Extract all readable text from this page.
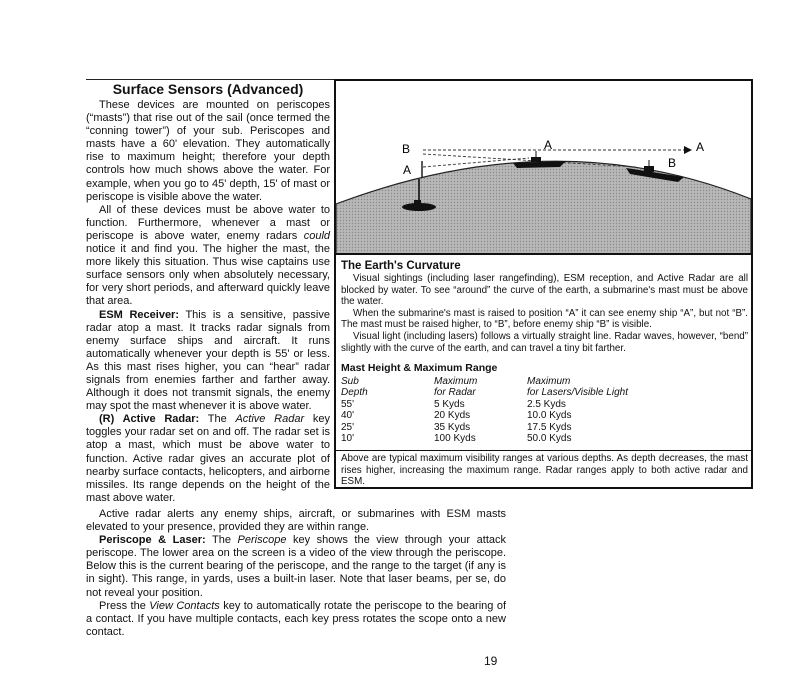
Surface Sensors (Advanced)

These devices are mounted on periscopes (“masts”) that rise out of the sail (once termed the “conning tower”) of your sub. Periscopes and masts have a 60' elevation. They automatically rise to maximum height; therefore your depth controls how much shows above the water. For example, when you go to 45' depth, 15' of mast or periscope is visible above the water.

All of these devices must be above water to function. Furthermore, whenever a mast or periscope is above water, enemy radars could notice it and find you. The higher the mast, the more likely this situation. Thus wise captains use surface sensors only when absolutely necessary, for very short periods, and afterward quickly leave that area.

ESM Receiver: This is a sensitive, passive radar atop a mast. It tracks radar signals from enemy surface ships and aircraft. It runs automatically whenever your depth is 55' or less. As this mast rises higher, you can “hear” radar signals from enemies farther and farther away. Although it does not transmit signals, the enemy may spot the mast whenever it is above water.

(R) Active Radar: The Active Radar key toggles your radar set on and off. The radar set is atop a mast, which must be above water to function. Active radar gives an accurate plot of nearby surface contacts, helicopters, and airborne missiles. Its range depends on the height of the mast above water.

Active radar alerts any enemy ships, aircraft, or submarines with ESM masts elevated to your presence, provided they are within range.

Periscope & Laser: The Periscope key shows the view through your attack periscope. The lower area on the screen is a video of the view through the periscope. Below this is the current bearing of the periscope, and the range to the target (if any is in sight). This range, in yards, uses a built-in laser. Note that laser beams, per se, do not reveal your position.

Press the View Contacts key to automatically rotate the periscope to the bearing of a contact. If you have multiple contacts, each key press rotates the scope onto a new contact.

B
A
A	A
B
The Earth's Curvature

Visual sightings (including laser rangefinding), ESM reception, and Active Radar are all blocked by water. To see “around” the curve of the earth, a submarine's mast must be above the water.

When the submarine's mast is raised to position “A” it can see enemy ship “A”, but not “B”. The mast must be raised higher, to “B”, before enemy ship “B” is visible.

Visual light (including lasers) follows a virtually straight line. Radar waves, however, “bend” slightly with the curve of the earth, and can travel a tiny bit farther.

Mast Height & Maximum Range
Sub	Maximum	Maximum
Depth	for Radar	for Lasers/Visible Light
55'	5 Kyds	2.5 Kyds
40'	20 Kyds	10.0 Kyds
25'	35 Kyds	17.5 Kyds
10'	100 Kyds	50.0 Kyds
Above are typical maximum visibility ranges at various depths. As depth decreases, the mast rises higher, increasing the maximum range. Radar ranges apply to both active radar and ESM.
19
